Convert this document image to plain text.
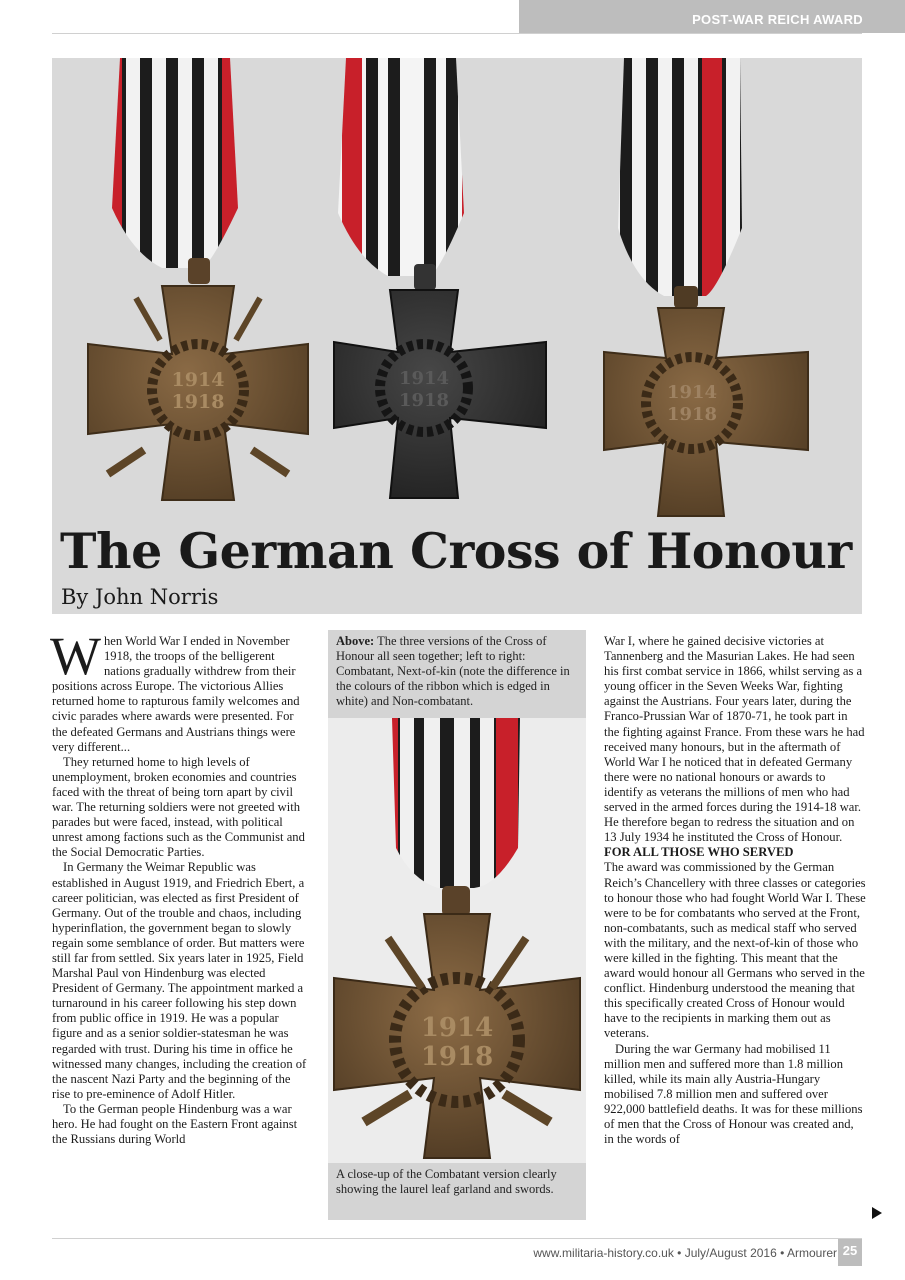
POST-WAR REICH AWARD
1914
1918
1914
1918	1914
1918
The German Cross of Honour
By John Norris

When World War I ended in November 1918, the troops of the belligerent nations gradually withdrew from their positions across Europe. The victorious Allies returned home to rapturous family welcomes and civic parades where awards were presented. For the defeated Germans and Austrians things were very different...

They returned home to high levels of unemployment, broken economies and countries faced with the threat of being torn apart by civil war. The returning soldiers were not greeted with parades but were faced, instead, with political unrest among factions such as the Communist and the Social Democratic Parties.

In Germany the Weimar Republic was established in August 1919, and Friedrich Ebert, a career politician, was elected as first President of Germany. Out of the trouble and chaos, including hyperinflation, the government began to slowly regain some semblance of order. But matters were still far from settled. Six years later in 1925, Field Marshal Paul von Hindenburg was elected President of Germany. The appointment marked a turnaround in his career following his step down from public office in 1919. He was a popular figure and as a senior soldier-statesman he was regarded with trust. During his time in office he witnessed many changes, including the creation of the nascent Nazi Party and the beginning of the rise to pre-eminence of Adolf Hitler.

To the German people Hindenburg was a war hero. He had fought on the Eastern Front against the Russians during World

Above: The three versions of the Cross of Honour all seen together; left to right: Combatant, Next-of-kin (note the difference in the colours of the ribbon which is edged in white) and Non-combatant.
1914
1918
A close-up of the Combatant version clearly showing the laurel leaf garland and swords.

War I, where he gained decisive victories at Tannenberg and the Masurian Lakes. He had seen his first combat service in 1866, whilst serving as a young officer in the Seven Weeks War, fighting against the Austrians. Four years later, during the Franco-Prussian War of 1870-71, he took part in the fighting against France. From these wars he had received many honours, but in the aftermath of World War I he noticed that in defeated Germany there were no national honours or awards to identify as veterans the millions of men who had served in the armed forces during the 1914-18 war. He therefore began to redress the situation and on 13 July 1934 he instituted the Cross of Honour.

FOR ALL THOSE WHO SERVED

The award was commissioned by the German Reich’s Chancellery with three classes or categories to honour those who had fought World War I. These were to be for combatants who served at the Front, non-combatants, such as medical staff who served with the military, and the next-of-kin of those who were killed in the fighting. This meant that the award would honour all Germans who served in the conflict. Hindenburg understood the meaning that this specifically created Cross of Honour would have to the recipients in marking them out as veterans.

During the war Germany had mobilised 11 million men and suffered more than 1.8 million killed, while its main ally Austria-Hungary mobilised 7.8 million men and suffered over 922,000 battlefield deaths. It was for these millions of men that the Cross of Honour was created and, in the words of

www.militaria-history.co.uk • July/August 2016 • Armourer 25
